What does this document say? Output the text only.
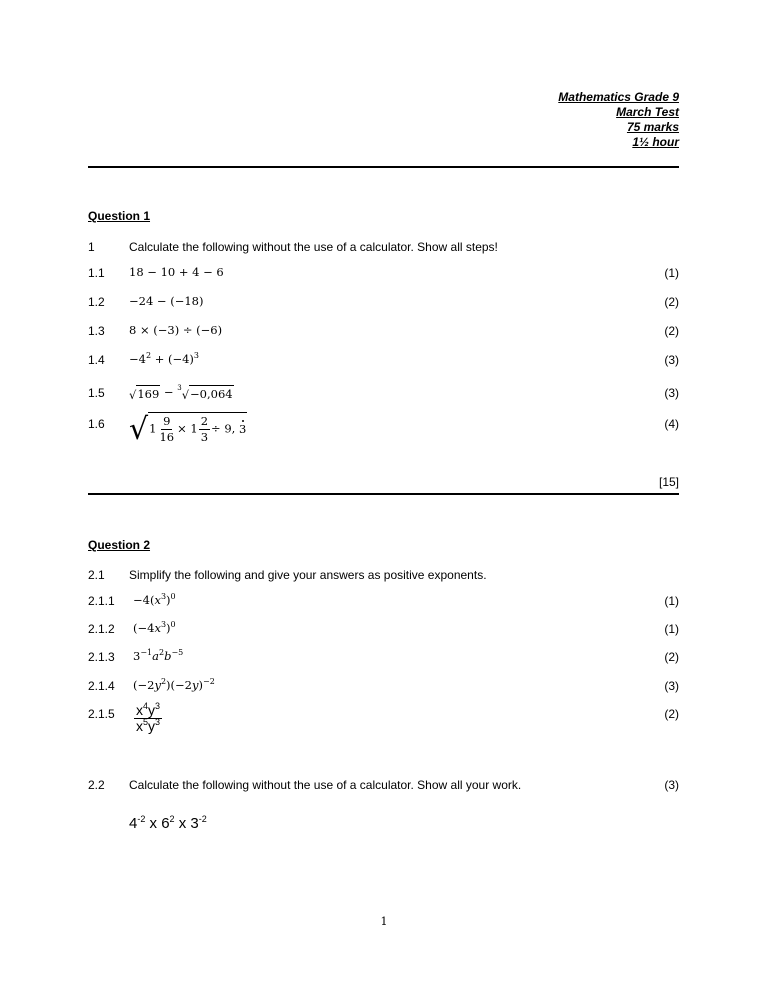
Mathematics Grade 9
March Test
75 marks
1½ hour
Question 1
1	Calculate the following without the use of a calculator. Show all steps!
1.1 18 − 10 + 4 − 6	(1)
1.2 −24 − (−18)	(2)
1.3 8 × (−3) ÷ (−6)	(2)
$1.4 -4^2 + (-4)^3$	(3)
1.5 √ 169 − 3 √ −0,064	(3)
1.6 √ $1 \frac{9}{16} \times 1 \frac{2}{3} \div 9$, 3	(4)
[15]
Question 2
2.1 Simplify the following and give your answers as positive exponents.
$2.1.1 -4(x^3)^0$	(1)
2.1.2 $(-4x^3)^0$	(1)
2.1.3 $3^{-1}a^2b^{-5}$	(2)
2.1.4 $(-2y^2)(-2y)^{-2}$	(3)
$2.1.5 \frac{x^4y^3}{x^5y^3}$	(2)
2.2 Calculate the following without the use of a calculator. Show all your work.	(3)
$4^{-2}$ x $6^2$ x $3^{-2}$
1
